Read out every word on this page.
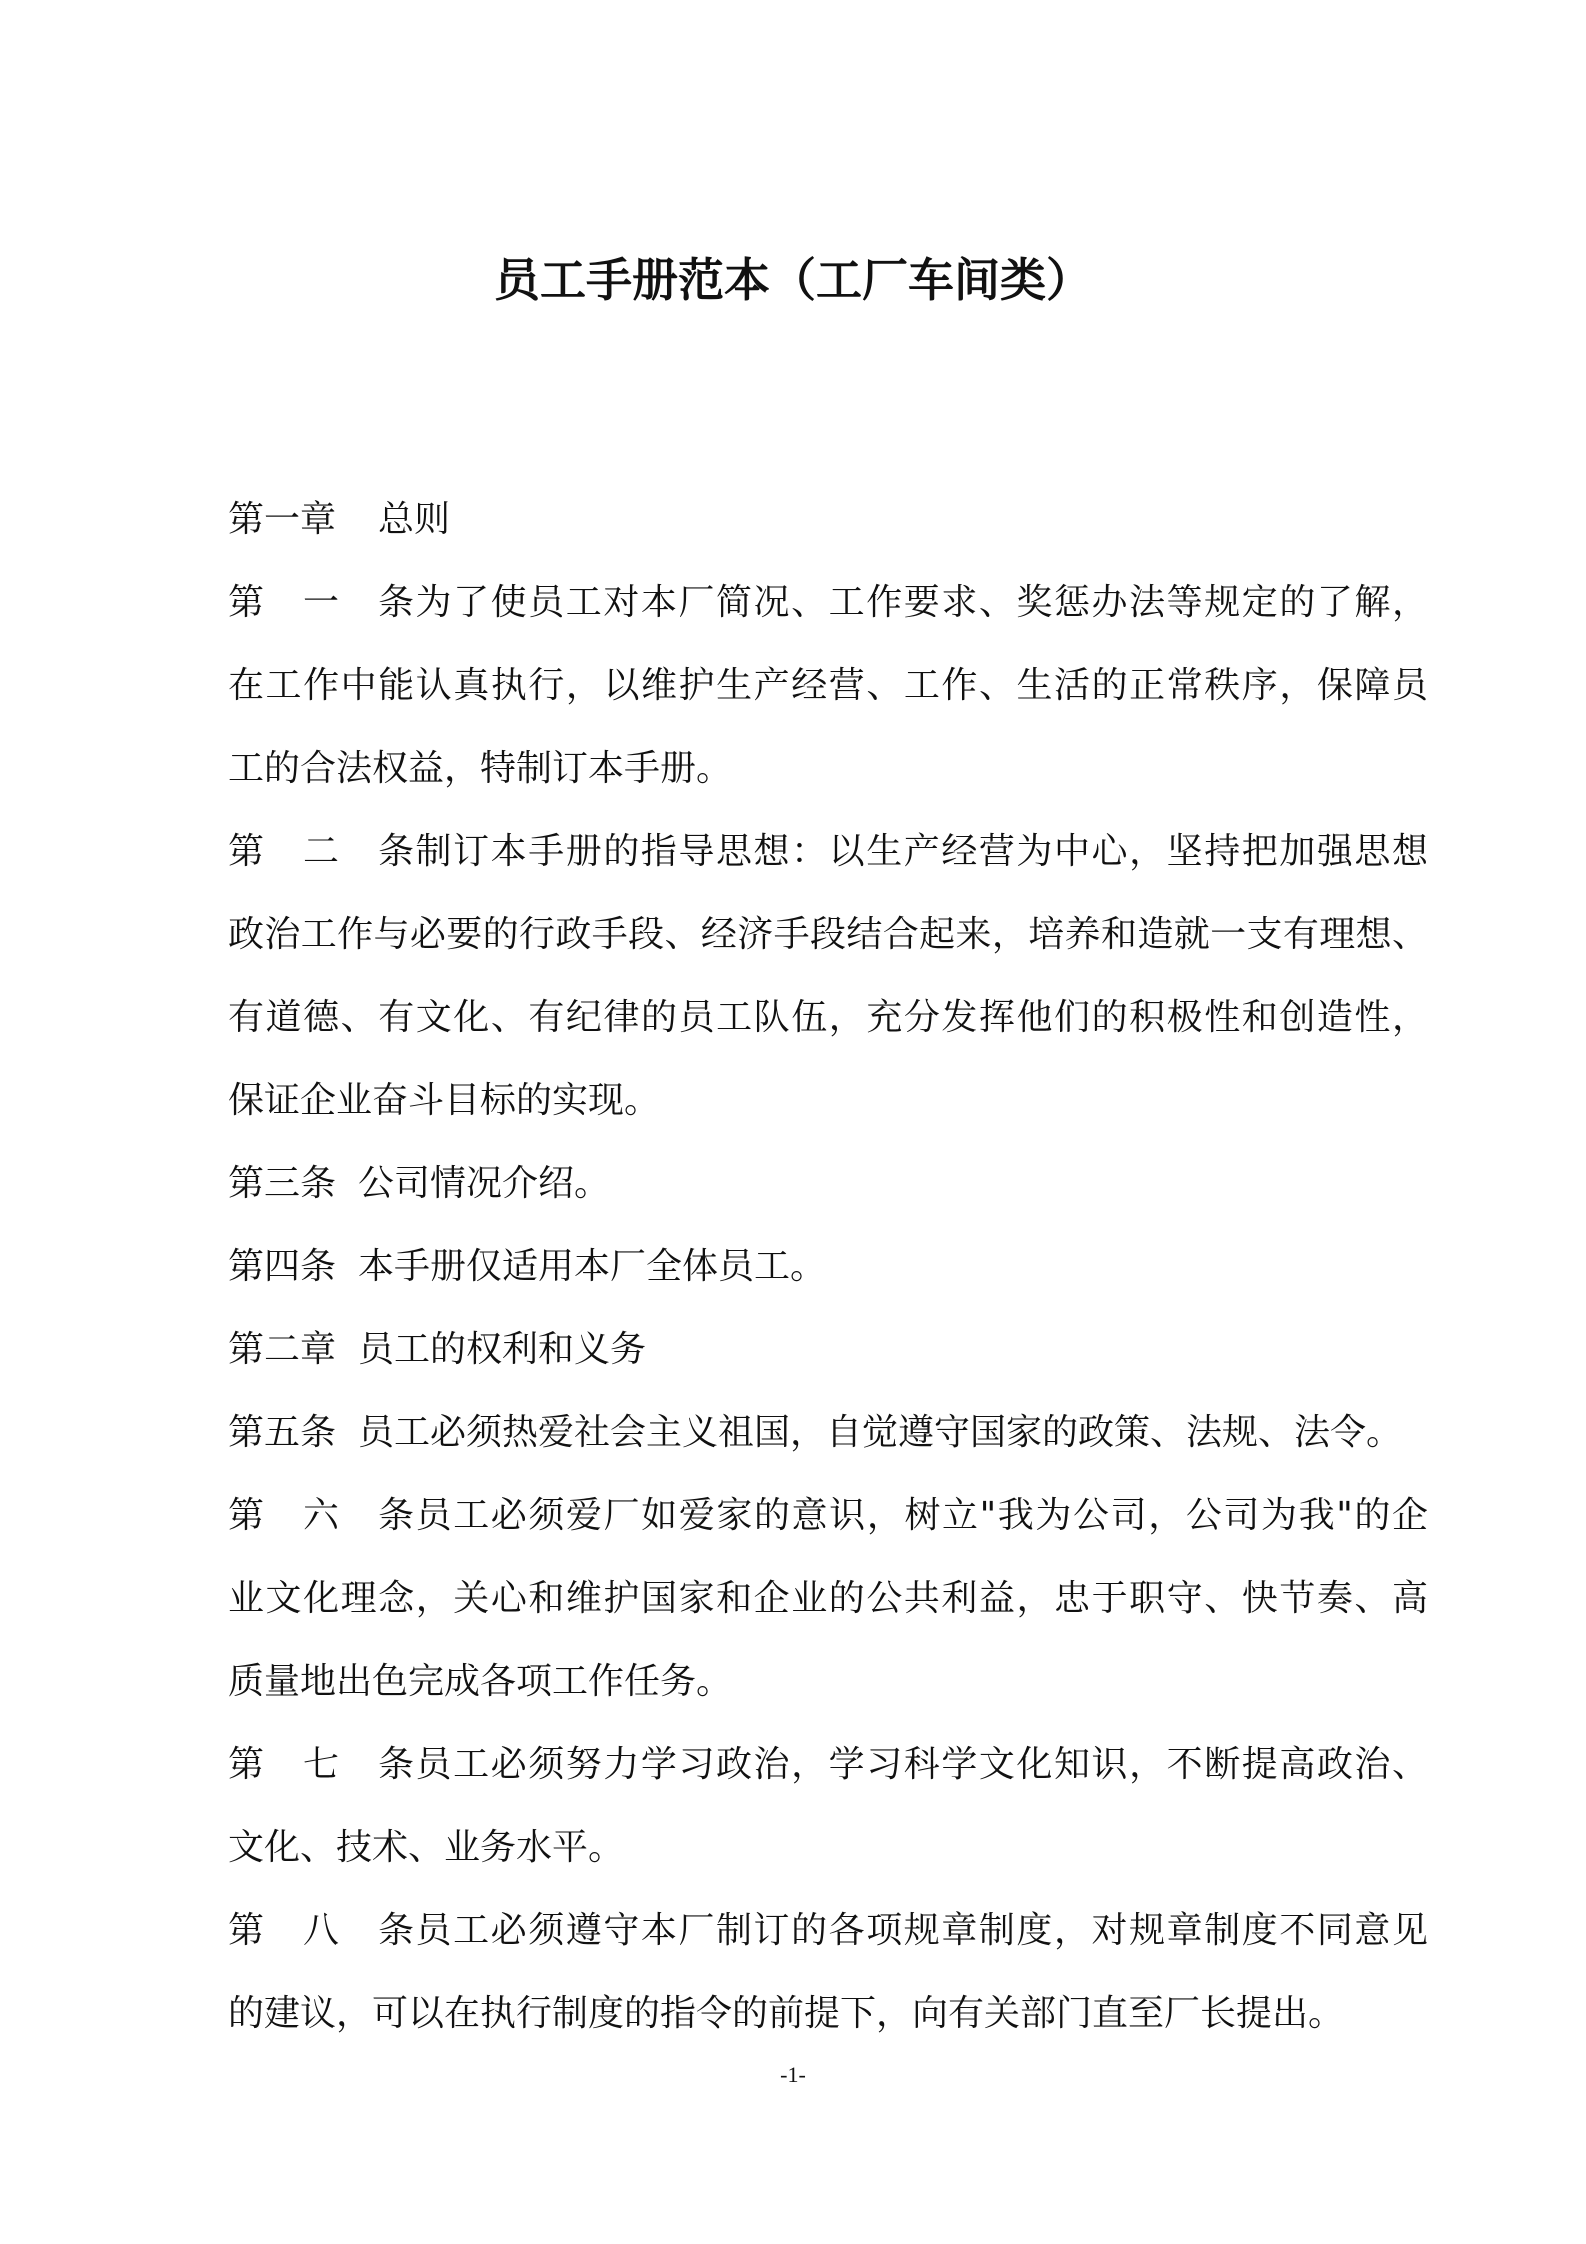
员工手册范本（工厂车间类）
第一章 总则
第一条为了使员工对本厂简况、工作要求、奖惩办法等规定的了解，
在工作中能认真执行，以维护生产经营、工作、生活的正常秩序，保障员
工的合法权益，特制订本手册。
第二条制订本手册的指导思想：以生产经营为中心，坚持把加强思想
政治工作与必要的行政手段、经济手段结合起来，培养和造就一支有理想、
有道德、有文化、有纪律的员工队伍，充分发挥他们的积极性和创造性，
保证企业奋斗目标的实现。
第三条 公司情况介绍。
第四条 本手册仅适用本厂全体员工。
第二章 员工的权利和义务
第五条 员工必须热爱社会主义祖国，自觉遵守国家的政策、法规、法令。
第六条员工必须爱厂如爱家的意识，树立"我为公司，公司为我"的企
业文化理念，关心和维护国家和企业的公共利益，忠于职守、快节奏、高
质量地出色完成各项工作任务。
第七条员工必须努力学习政治，学习科学文化知识，不断提高政治、
文化、技术、业务水平。
第八条员工必须遵守本厂制订的各项规章制度，对规章制度不同意见
的建议，可以在执行制度的指令的前提下，向有关部门直至厂长提出。
-1-
